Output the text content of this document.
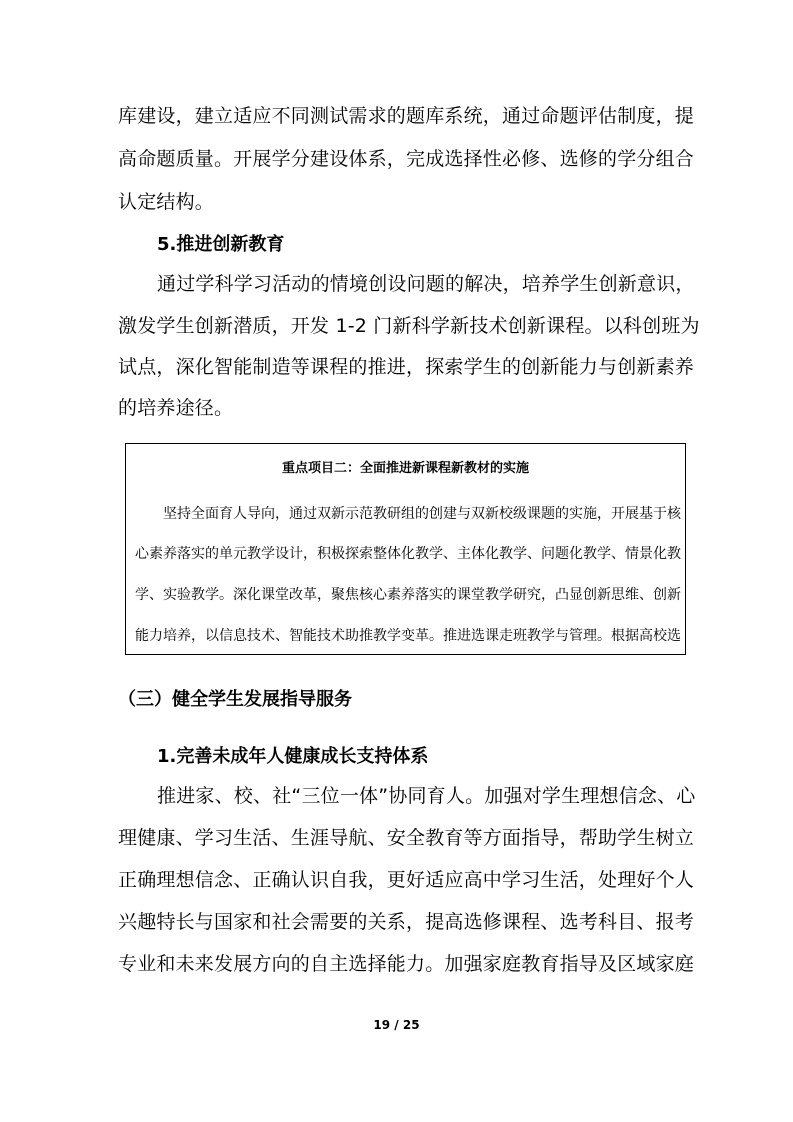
库建设，建立适应不同测试需求的题库系统，通过命题评估制度，提
高命题质量。开展学分建设体系，完成选择性必修、选修的学分组合
认定结构。
5.推进创新教育
通过学科学习活动的情境创设问题的解决，培养学生创新意识，
激发学生创新潜质，开发 1-2 门新科学新技术创新课程。以科创班为
试点，深化智能制造等课程的推进，探索学生的创新能力与创新素养
的培养途径。
重点项目二：全面推进新课程新教材的实施
坚持全面育人导向，通过双新示范教研组的创建与双新校级课题的实施，开展基于核
心素养落实的单元教学设计，积极探索整体化教学、主体化教学、问题化教学、情景化教
学、实验教学。深化课堂改革，聚焦核心素养落实的课堂教学研究，凸显创新思维、创新
能力培养，以信息技术、智能技术助推教学变革。推进选课走班教学与管理。根据高校选
（三）健全学生发展指导服务
1.完善未成年人健康成长支持体系
推进家、校、社“三位一体”协同育人。加强对学生理想信念、心
理健康、学习生活、生涯导航、安全教育等方面指导，帮助学生树立
正确理想信念、正确认识自我，更好适应高中学习生活，处理好个人
兴趣特长与国家和社会需要的关系，提高选修课程、选考科目、报考
专业和未来发展方向的自主选择能力。加强家庭教育指导及区域家庭
19 / 25
